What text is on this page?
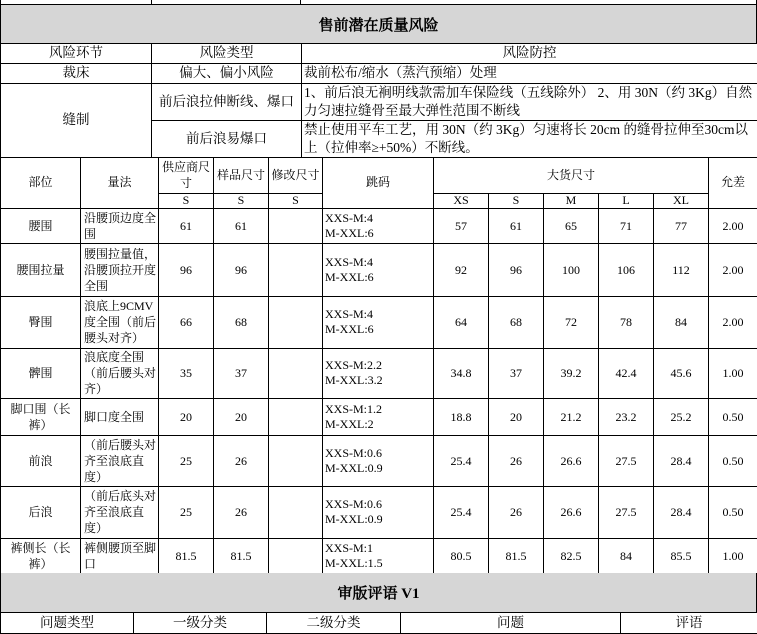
售前潜在质量风险
风险环节	风险类型	风险防控
裁床	偏大、偏小风险	裁前松布/缩水（蒸汽预缩）处理
缝制	前后浪拉伸断线、爆口	1、前后浪无裥明线款需加车保险线（五线除外） 2、用 30N（约 3Kg）自然力匀速拉缝骨至最大弹性范围不断线
	前后浪易爆口	禁止使用平车工艺，用 30N（约 3Kg）匀速将长 20cm 的缝骨拉伸至30cm以上（拉伸率≥+50%）不断线。
部位	量法	供应商尺寸	样品尺寸	修改尺寸	跳码	大货尺寸					允差
		S	S	S		XS	S	M	L	XL	
腰围	沿腰顶边度全围	61	61		XXS-M:4
M-XXL:6	57	61	65	71	77	2.00
腰围拉量	腰围拉量值，沿腰顶拉开度全围	96	96		XXS-M:4
M-XXL:6	92	96	100	106	112	2.00
臀围	浪底上9CMV度全围（前后腰头对齐）	66	68		XXS-M:4
M-XXL:6	64	68	72	78	84	2.00
髀围	浪底度全围（前后腰头对齐）	35	37		XXS-M:2.2
M-XXL:3.2	34.8	37	39.2	42.4	45.6	1.00
脚口围（长裤）	脚口度全围	20	20		XXS-M:1.2
M-XXL:2	18.8	20	21.2	23.2	25.2	0.50
前浪	（前后腰头对齐至浪底直度）	25	26		XXS-M:0.6
M-XXL:0.9	25.4	26	26.6	27.5	28.4	0.50
后浪	（前后底头对齐至浪底直度）	25	26		XXS-M:0.6
M-XXL:0.9	25.4	26	26.6	27.5	28.4	0.50
裤侧长（长裤）	裤侧腰顶至脚口	81.5	81.5		XXS-M:1
M-XXL:1.5	80.5	81.5	82.5	84	85.5	1.00
审版评语 V1
问题类型	一级分类	二级分类	问题	评语
